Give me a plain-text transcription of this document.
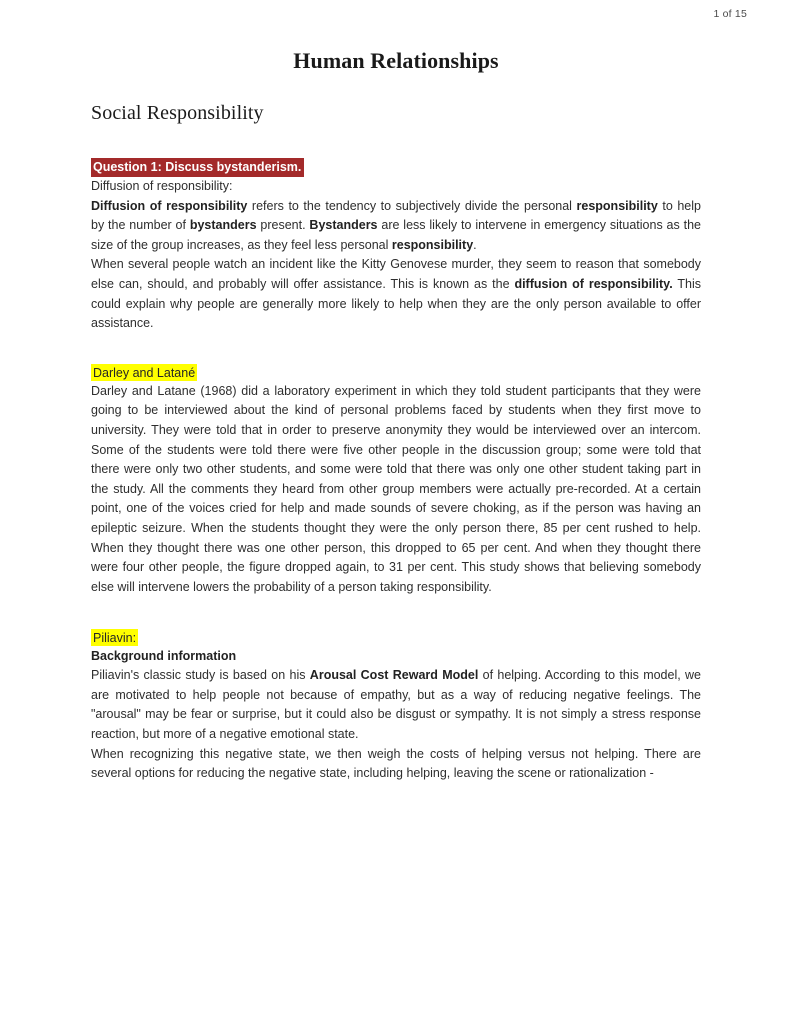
1 of 15
Human Relationships
Social Responsibility
Question 1: Discuss bystanderism.

Diffusion of responsibility:

Diffusion of responsibility refers to the tendency to subjectively divide the personal responsibility to help by the number of bystanders present. Bystanders are less likely to intervene in emergency situations as the size of the group increases, as they feel less personal responsibility.

When several people watch an incident like the Kitty Genovese murder, they seem to reason that somebody else can, should, and probably will offer assistance. This is known as the diffusion of responsibility. This could explain why people are generally more likely to help when they are the only person available to offer assistance.

Darley and Latané

Darley and Latane (1968) did a laboratory experiment in which they told student participants that they were going to be interviewed about the kind of personal problems faced by students when they first move to university. They were told that in order to preserve anonymity they would be interviewed over an intercom. Some of the students were told there were five other people in the discussion group; some were told that there were only two other students, and some were told that there was only one other student taking part in the study. All the comments they heard from other group members were actually pre-recorded. At a certain point, one of the voices cried for help and made sounds of severe choking, as if the person was having an epileptic seizure. When the students thought they were the only person there, 85 per cent rushed to help. When they thought there was one other person, this dropped to 65 per cent. And when they thought there were four other people, the figure dropped again, to 31 per cent. This study shows that believing somebody else will intervene lowers the probability of a person taking responsibility.

Piliavin:

Background information

Piliavin's classic study is based on his Arousal Cost Reward Model of helping. According to this model, we are motivated to help people not because of empathy, but as a way of reducing negative feelings. The "arousal" may be fear or surprise, but it could also be disgust or sympathy. It is not simply a stress response reaction, but more of a negative emotional state.

When recognizing this negative state, we then weigh the costs of helping versus not helping. There are several options for reducing the negative state, including helping, leaving the scene or rationalization -
